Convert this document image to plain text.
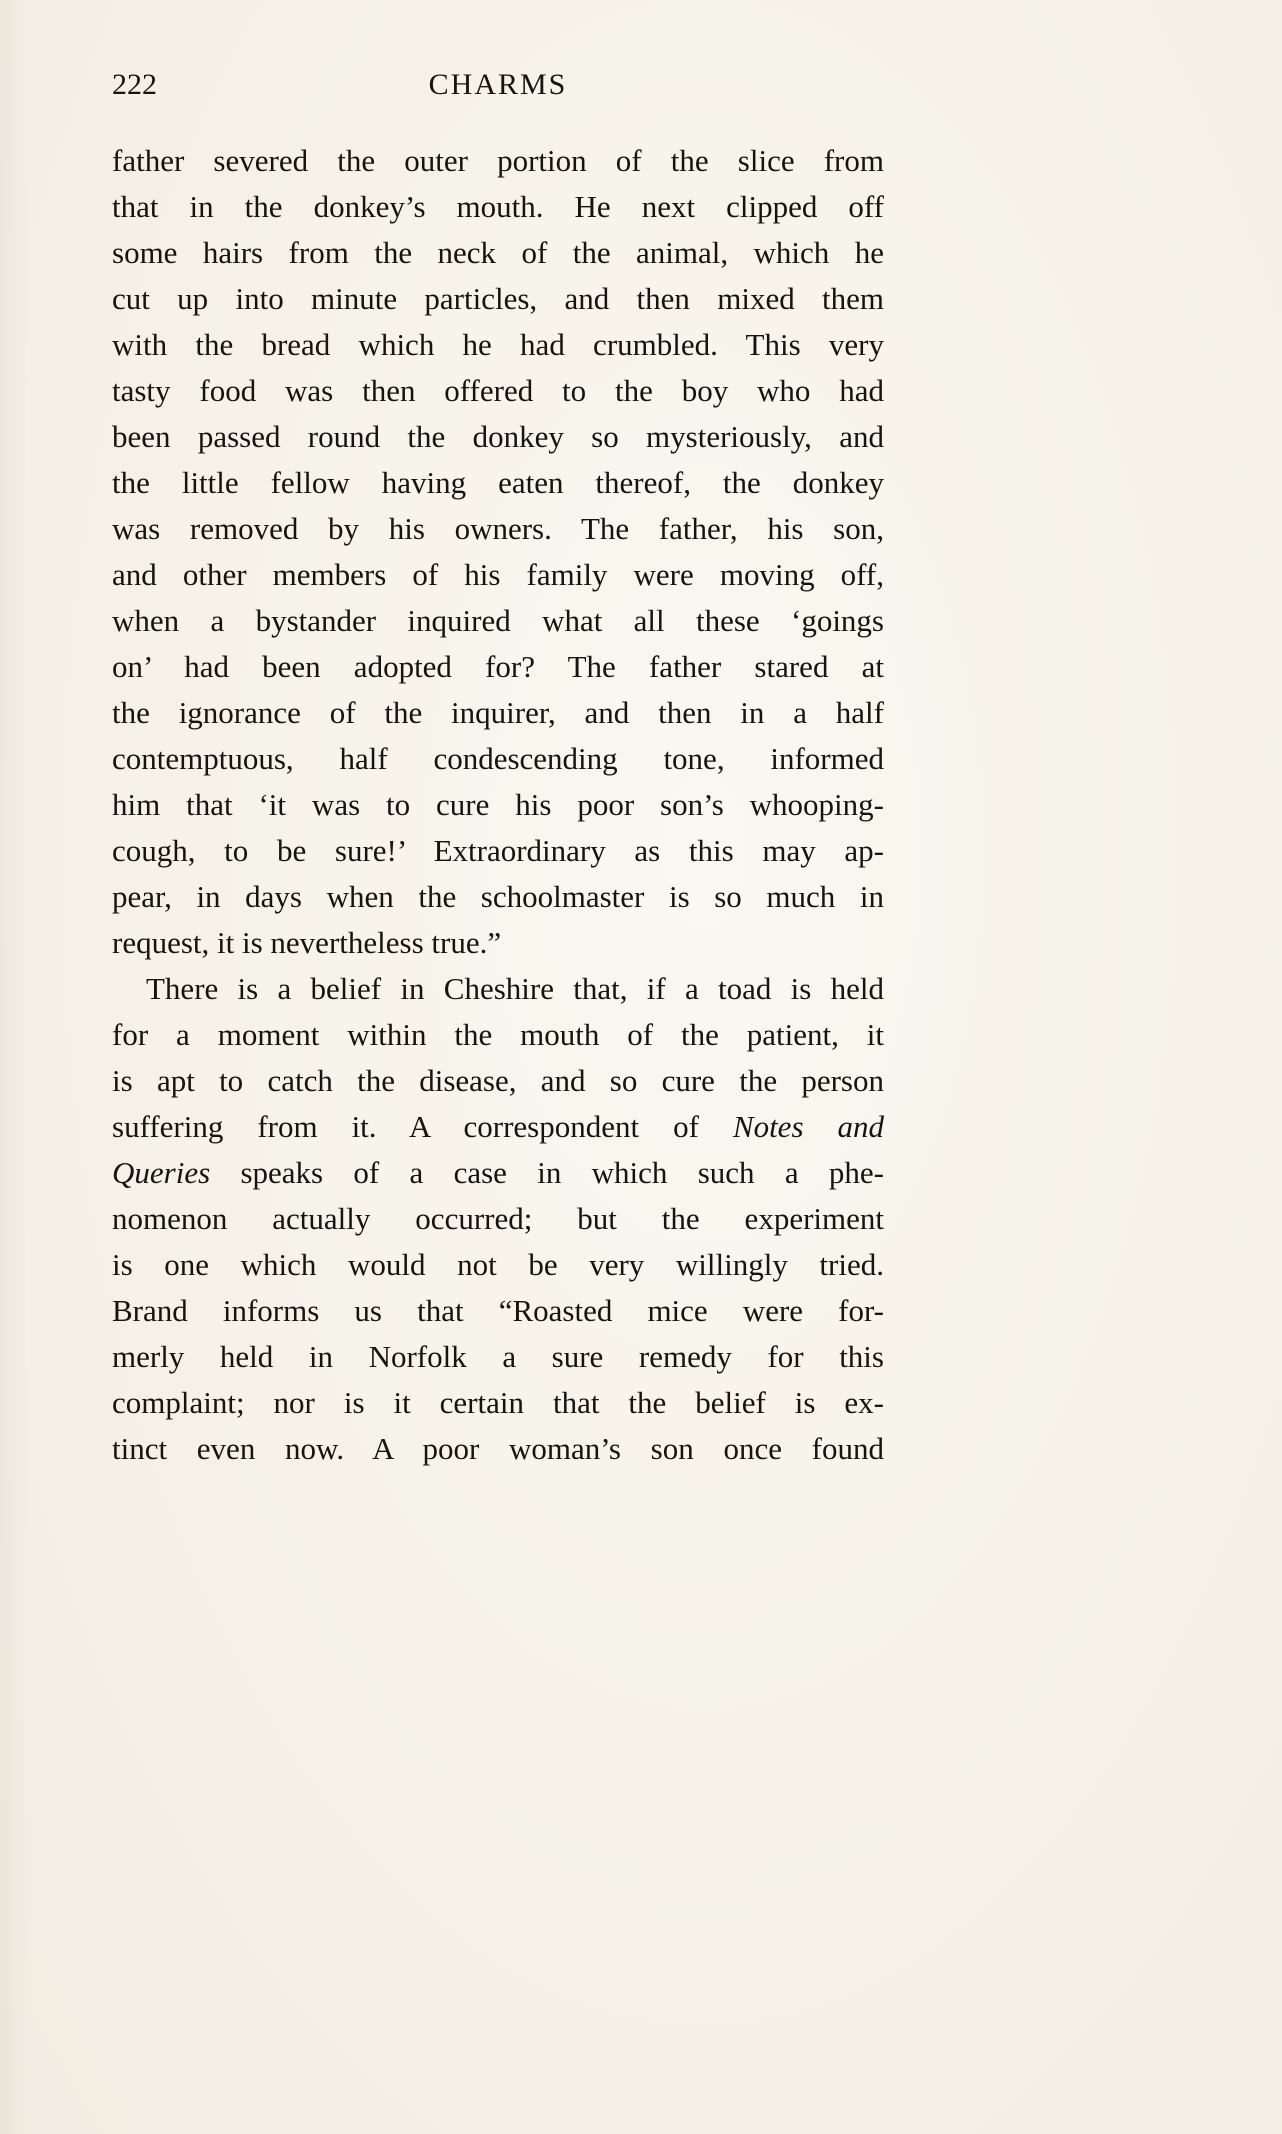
222	CHARMS
father severed the outer portion of the slice from
that in the donkey’s mouth. He next clipped off
some hairs from the neck of the animal, which he
cut up into minute particles, and then mixed them
with the bread which he had crumbled. This very
tasty food was then offered to the boy who had
been passed round the donkey so mysteriously, and
the little fellow having eaten thereof, the donkey
was removed by his owners. The father, his son,
and other members of his family were moving off,
when a bystander inquired what all these ‘goings
on’ had been adopted for? The father stared at
the ignorance of the inquirer, and then in a half
contemptuous, half condescending tone, informed
him that ‘it was to cure his poor son’s whooping-
cough, to be sure!’ Extraordinary as this may ap-
pear, in days when the schoolmaster is so much in
request, it is nevertheless true.”
There is a belief in Cheshire that, if a toad is held
for a moment within the mouth of the patient, it
is apt to catch the disease, and so cure the person
suffering from it. A correspondent of Notes and
Queries speaks of a case in which such a phe-
nomenon actually occurred; but the experiment
is one which would not be very willingly tried.
Brand informs us that “Roasted mice were for-
merly held in Norfolk a sure remedy for this
complaint; nor is it certain that the belief is ex-
tinct even now. A poor woman’s son once found
